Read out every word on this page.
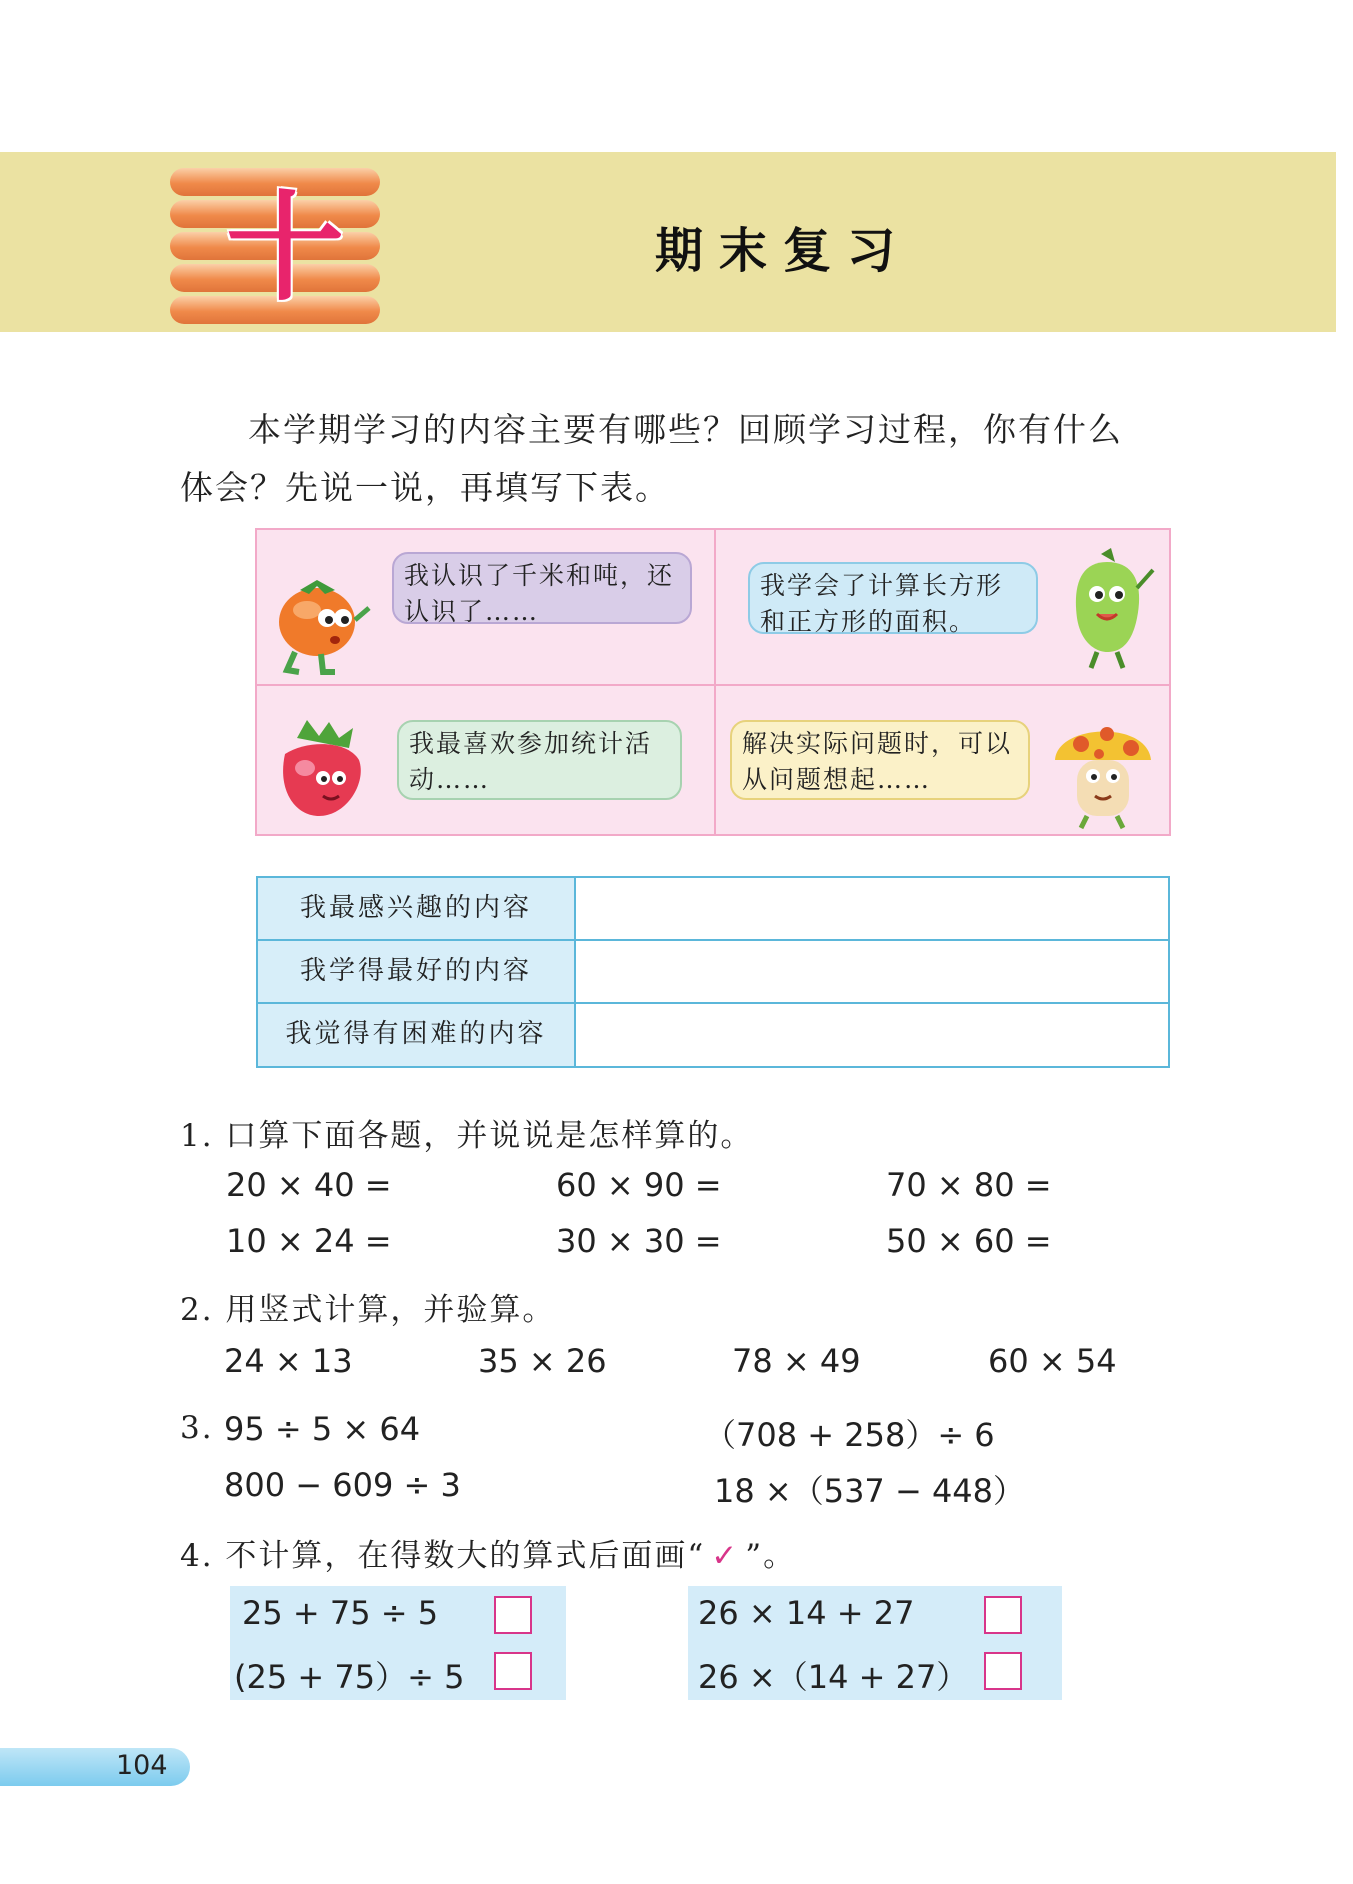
十	期末复习
本学期学习的内容主要有哪些？回顾学习过程，你有什么
体会？先说一说，再填写下表。
我认识了千米和吨，还认识了……
我学会了计算长方形和正方形的面积。
我最喜欢参加统计活动……
解决实际问题时，可以从问题想起……
我最感兴趣的内容
我学得最好的内容
我觉得有困难的内容
1. 口算下面各题，并说说是怎样算的。
20 × 40 =	60 × 90 =	70 × 80 =
10 × 24 =	30 × 30 =	50 × 60 =
2. 用竖式计算，并验算。
24 × 13	35 × 26	78 × 49	60 × 54
3. 95 ÷ 5 × 64	（708 + 258）÷ 6
800 − 609 ÷ 3	18 ×（537 − 448）
4. 不计算，在得数大的算式后面画“ ✓ ”。
25 + 75 ÷ 5
(25 + 75）÷ 5
26 × 14 + 27
26 ×（14 + 27）
104
